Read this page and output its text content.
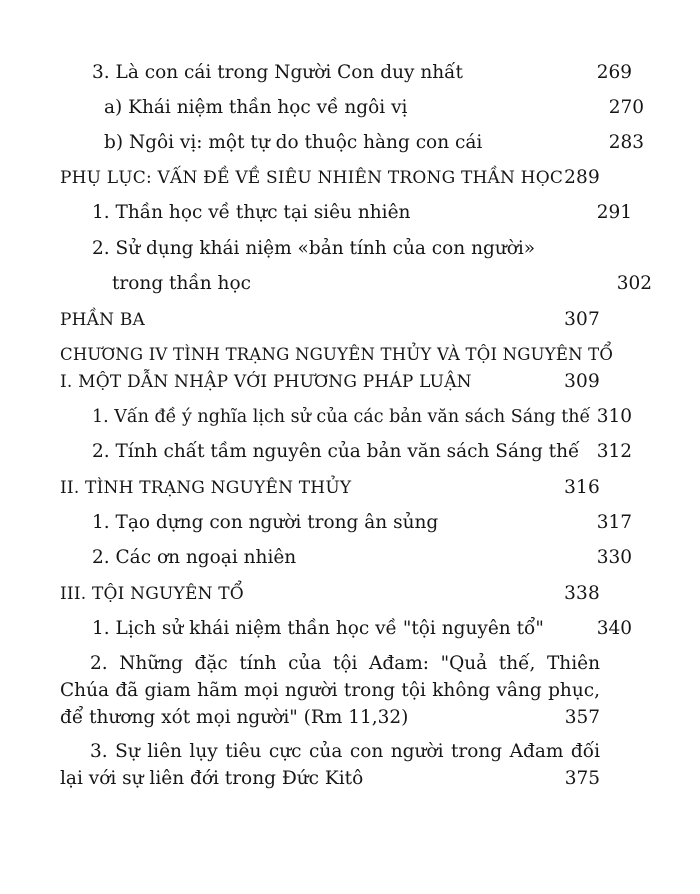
3. Là con cái trong Người Con duy nhất	269
a) Khái niệm thần học về ngôi vị	270
b) Ngôi vị: một tự do thuộc hàng con cái	283
PHỤ LỤC: VẤN ĐỀ VỀ SIÊU NHIÊN TRONG THẦN HỌC 289
1. Thần học về thực tại siêu nhiên	291
2. Sử dụng khái niệm «bản tính của con người»
trong thần học	302
PHẦN BA	307
CHƯƠNG IV TÌNH TRẠNG NGUYÊN THỦY VÀ TỘI NGUYÊN TỔ
I. MỘT DẪN NHẬP VỚI PHƯƠNG PHÁP LUẬN	309
1. Vấn đề ý nghĩa lịch sử của các bản văn sách Sáng thế 310
2. Tính chất tầm nguyên của bản văn sách Sáng thế 312
II. TÌNH TRẠNG NGUYÊN THỦY	316
1. Tạo dựng con người trong ân sủng	317
2. Các ơn ngoại nhiên	330
III. TỘI NGUYÊN TỔ	338
1. Lịch sử khái niệm thần học về "tội nguyên tổ"	340
2. Những đặc tính của tội Ađam: "Quả thế, Thiên Chúa đã giam hãm mọi người trong tội không vâng phục, để thương xót mọi người" (Rm 11,32)	357
3. Sự liên lụy tiêu cực của con người trong Ađam đối lại với sự liên đới trong Đức Kitô	375
